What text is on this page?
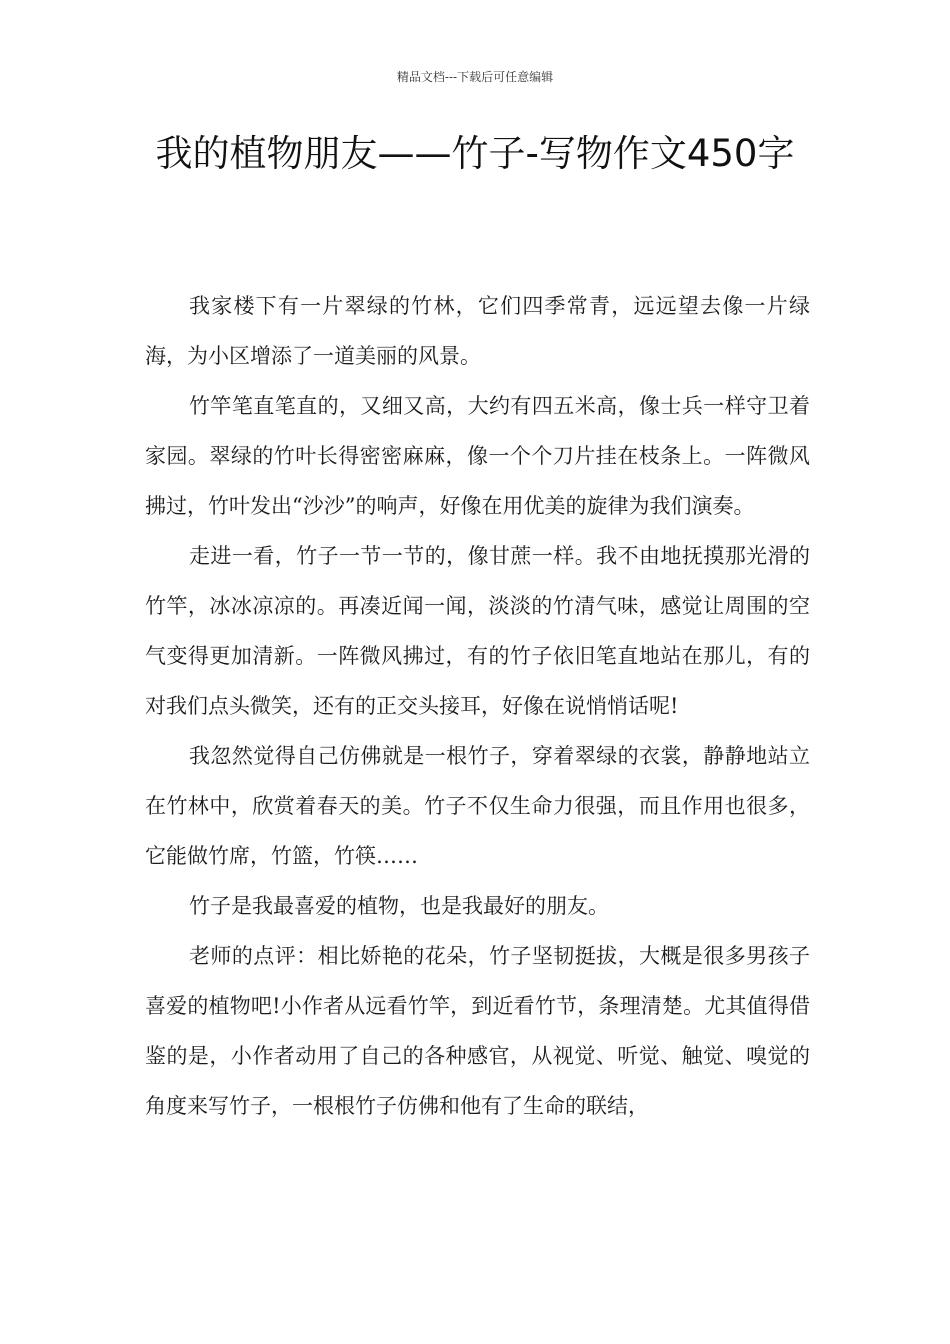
精品文档---下载后可任意编辑
我的植物朋友——竹子-写物作文450字

我家楼下有一片翠绿的竹林，它们四季常青，远远望去像一片绿海，为小区增添了一道美丽的风景。

竹竿笔直笔直的，又细又高，大约有四五米高，像士兵一样守卫着家园。翠绿的竹叶长得密密麻麻，像一个个刀片挂在枝条上。一阵微风拂过，竹叶发出“沙沙”的响声，好像在用优美的旋律为我们演奏。

走进一看，竹子一节一节的，像甘蔗一样。我不由地抚摸那光滑的竹竿，冰冰凉凉的。再凑近闻一闻，淡淡的竹清气味，感觉让周围的空气变得更加清新。一阵微风拂过，有的竹子依旧笔直地站在那儿，有的对我们点头微笑，还有的正交头接耳，好像在说悄悄话呢!

我忽然觉得自己仿佛就是一根竹子，穿着翠绿的衣裳，静静地站立在竹林中，欣赏着春天的美。竹子不仅生命力很强，而且作用也很多，它能做竹席，竹篮，竹筷……

竹子是我最喜爱的植物，也是我最好的朋友。

老师的点评：相比娇艳的花朵，竹子坚韧挺拔，大概是很多男孩子喜爱的植物吧!小作者从远看竹竿，到近看竹节，条理清楚。尤其值得借鉴的是，小作者动用了自己的各种感官，从视觉、听觉、触觉、嗅觉的角度来写竹子，一根根竹子仿佛和他有了生命的联结，
